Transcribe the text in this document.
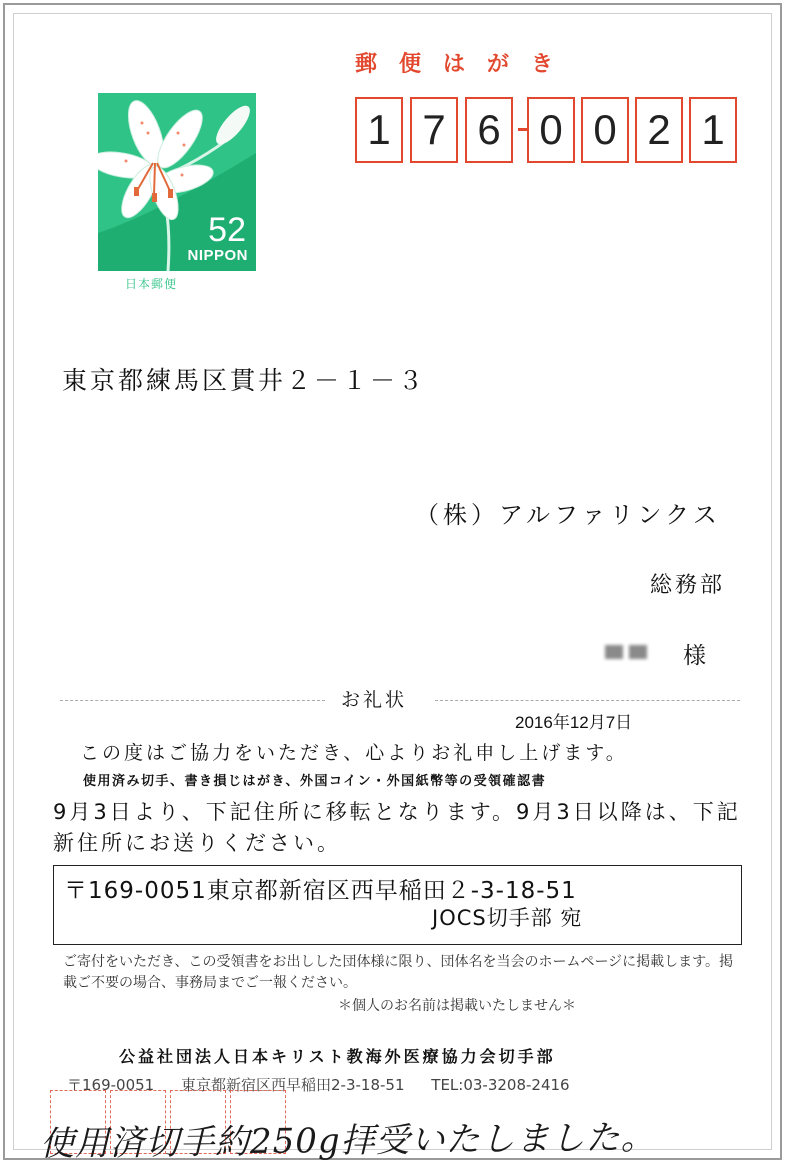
郵便はがき
1 7 6 0 0 2 1
52
NIPPON
日本郵便
東京都練馬区貫井２－１－３
（株）アルファリンクス
総務部
様
お礼状
2016年12月7日
この度はご協力をいただき、心よりお礼申し上げます。
使用済み切手、書き損じはがき、外国コイン・外国紙幣等の受領確認書
9月3日より、下記住所に移転となります。9月3日以降は、下記新住所にお送りください。
〒169-0051東京都新宿区西早稲田２-3-18-51
JOCS切手部 宛
ご寄付をいただき、この受領書をお出しした団体様に限り、団体名を当会のホームページに掲載します。掲載ご不要の場合、事務局までご一報ください。
＊個人のお名前は掲載いたしません＊
公益社団法人日本キリスト教海外医療協力会切手部
〒169-0051 東京都新宿区西早稲田2-3-18-51 TEL:03-3208-2416
使用済切手約250g拝受いたしました。
